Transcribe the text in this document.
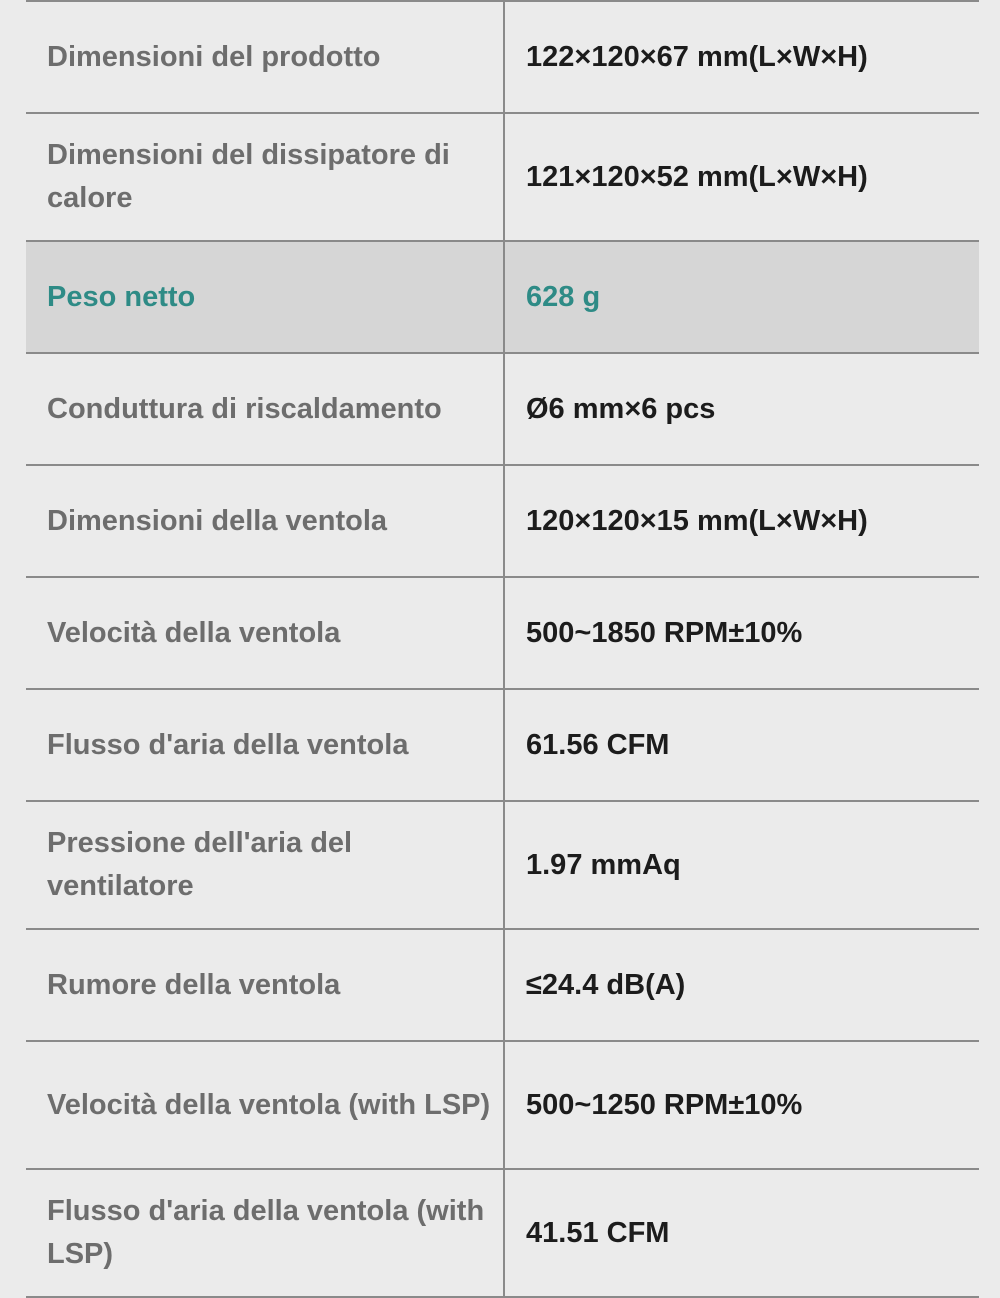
Dimensioni del prodotto	122×120×67 mm(L×W×H)
Dimensioni del dissipatore di calore	121×120×52 mm(L×W×H)
Peso netto	628 g
Conduttura di riscaldamento	Ø6 mm×6 pcs
Dimensioni della ventola	120×120×15 mm(L×W×H)
Velocità della ventola	500~1850 RPM±10%
Flusso d'aria della ventola	61.56 CFM
Pressione dell'aria del ventilatore	1.97 mmAq
Rumore della ventola	≤24.4 dB(A)
Velocità della ventola (with LSP)	500~1250 RPM±10%
Flusso d'aria della ventola (with LSP)	41.51 CFM
